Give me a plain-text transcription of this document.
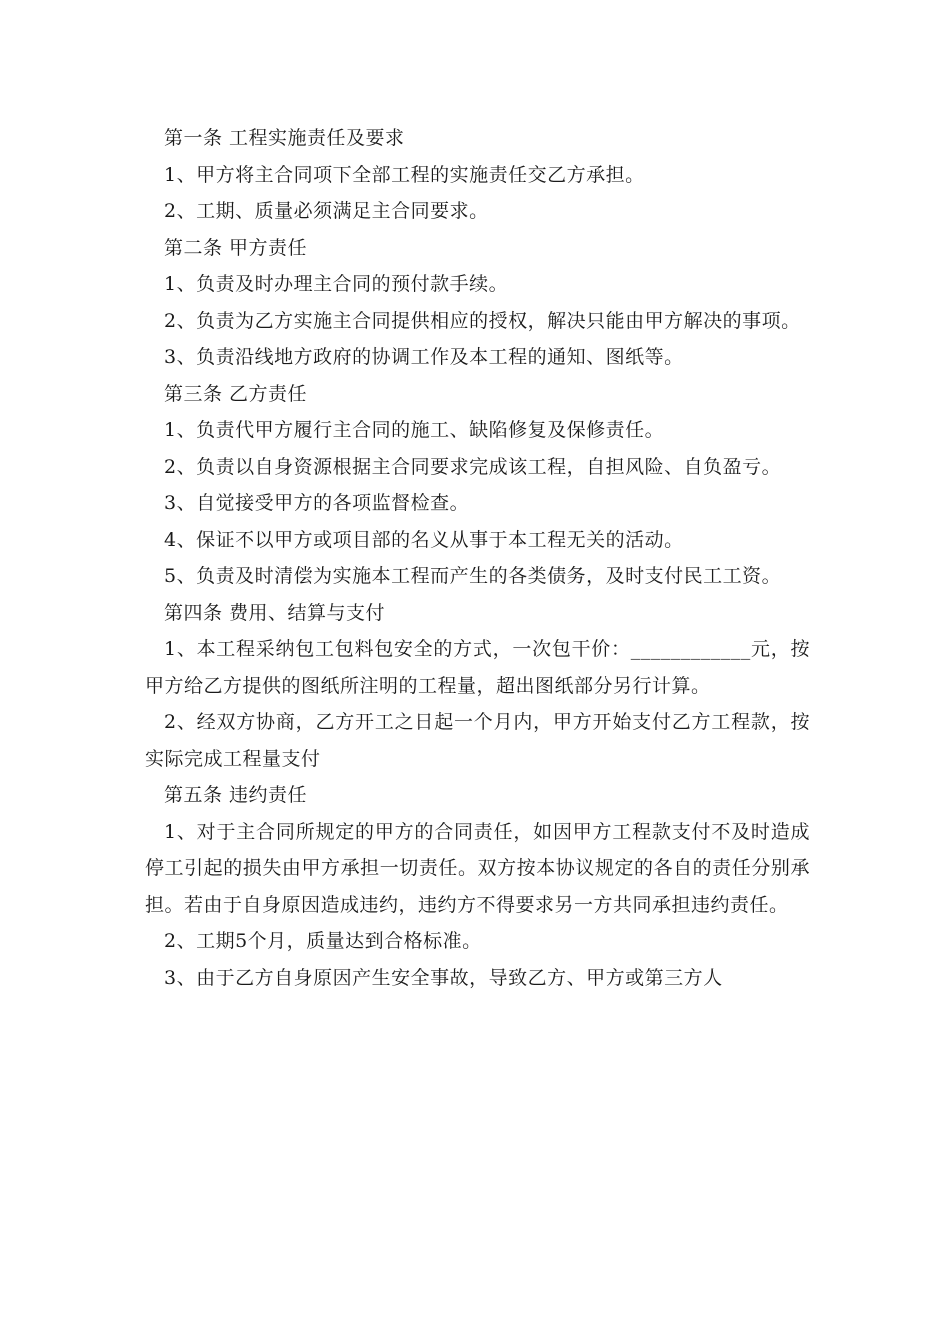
第一条 工程实施责任及要求

1、甲方将主合同项下全部工程的实施责任交乙方承担。

2、工期、质量必须满足主合同要求。

第二条 甲方责任

1、负责及时办理主合同的预付款手续。

2、负责为乙方实施主合同提供相应的授权，解决只能由甲方解决的事项。

3、负责沿线地方政府的协调工作及本工程的通知、图纸等。

第三条 乙方责任

1、负责代甲方履行主合同的施工、缺陷修复及保修责任。

2、负责以自身资源根据主合同要求完成该工程，自担风险、自负盈亏。

3、自觉接受甲方的各项监督检查。

4、保证不以甲方或项目部的名义从事于本工程无关的活动。

5、负责及时清偿为实施本工程而产生的各类债务，及时支付民工工资。

第四条 费用、结算与支付

1、本工程采纳包工包料包安全的方式，一次包干价：____________元，按甲方给乙方提供的图纸所注明的工程量，超出图纸部分另行计算。

2、经双方协商，乙方开工之日起一个月内，甲方开始支付乙方工程款，按实际完成工程量支付

第五条 违约责任

1、对于主合同所规定的甲方的合同责任，如因甲方工程款支付不及时造成停工引起的损失由甲方承担一切责任。双方按本协议规定的各自的责任分别承担。若由于自身原因造成违约，违约方不得要求另一方共同承担违约责任。

2、工期5个月，质量达到合格标准。

3、由于乙方自身原因产生安全事故，导致乙方、甲方或第三方人
